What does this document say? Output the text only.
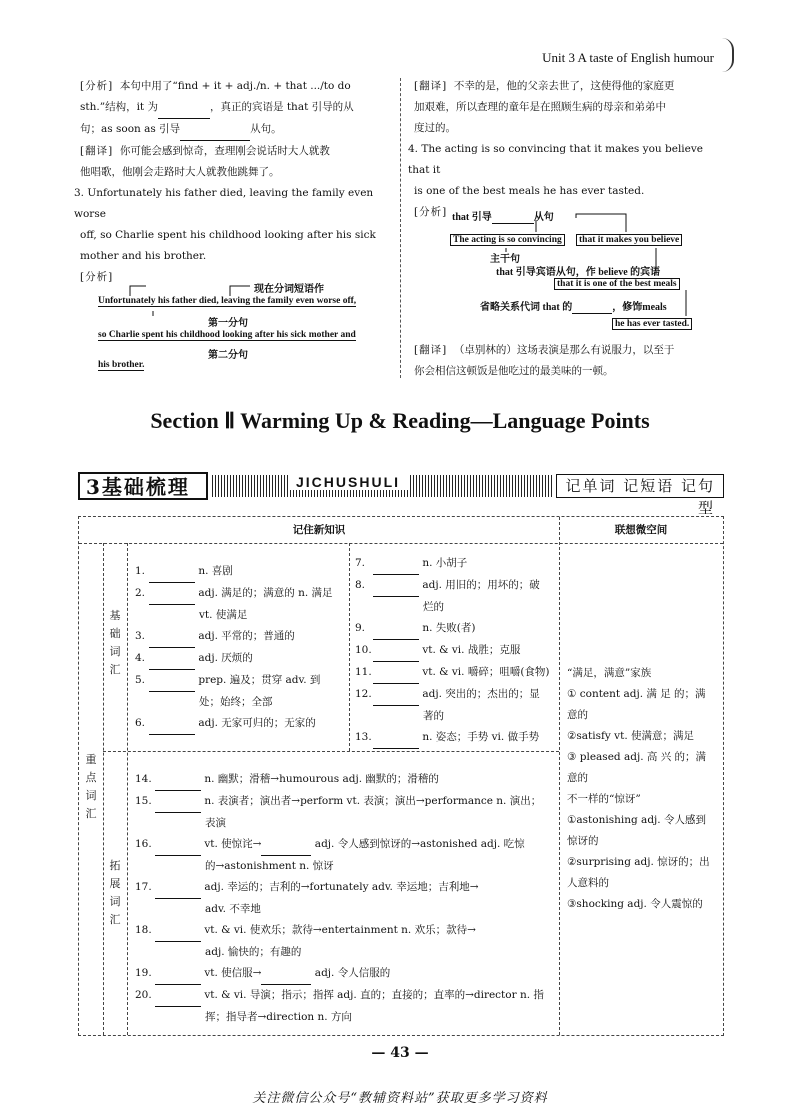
Unit 3 A taste of English humour

[分析] 本句中用了“find + it + adj./n. + that .../to do

sth.”结构，it 为	，真正的宾语是 that 引导的从

句；as soon as 引导	从句。

[翻译] 你可能会感到惊奇，查理刚会说话时大人就教

他唱歌，他刚会走路时大人就教他跳舞了。

3. Unfortunately his father died, leaving the family even worse

off, so Charlie spent his childhood looking after his sick

mother and his brother.

[分析]

现在分词短语作
Unfortunately his father died, leaving the family even worse off,
第一分句
so Charlie spent his childhood looking after his sick mother and
第二分句
his brother.

[翻译] 不幸的是，他的父亲去世了，这使得他的家庭更

加艰难，所以查理的童年是在照顾生病的母亲和弟弟中

度过的。

4. The acting is so convincing that it makes you believe that it

is one of the best meals he has ever tasted.

[分析] that 引导	从句
The acting is so convincing	that it makes you believe
主干句
that 引导宾语从句，作 believe 的宾语
that it is one of the best meals
省略关系代词 that 的	，修饰meals
he has ever tasted.

[翻译] （卓别林的）这场表演是那么有说服力，以至于

你会相信这顿饭是他吃过的最美味的一顿。

Section Ⅱ Warming Up & Reading—Language Points
3基础梳理	JICHUSHULI	记单词 记短语 记句型
记住新知识	联想微空间
重点词汇
基础词汇
拓展词汇
1.	n. 喜剧
2.	adj. 满足的；满意的 n. 满足
vt. 使满足
3.	adj. 平常的；普通的
4.	adj. 厌烦的
5.	prep. 遍及；贯穿 adv. 到
处；始终；全部
6.	adj. 无家可归的；无家的
7.	n. 小胡子
8.	adj. 用旧的；用坏的；破
烂的
9.	n. 失败(者)
10.	vt. & vi. 战胜；克服
11.	vt. & vi. 嚼碎；咀嚼(食物)
12.	adj. 突出的；杰出的；显
著的
13.	n. 姿态；手势 vi. 做手势
14.	n. 幽默；滑稽→humourous adj. 幽默的；滑稽的
15.	n. 表演者；演出者→perform vt. 表演；演出→performance n. 演出；
表演
16.	vt. 使惊诧→	adj. 令人感到惊讶的→astonished adj. 吃惊
的→astonishment n. 惊讶
17.	adj. 幸运的；吉利的→fortunately adv. 幸运地；吉利地→
adv. 不幸地
18.	vt. & vi. 使欢乐；款待→entertainment n. 欢乐；款待→
adj. 愉快的；有趣的
19.	vt. 使信服→	adj. 令人信服的
20.	vt. & vi. 导演；指示；指挥 adj. 直的；直接的；直率的→director n. 指
挥；指导者→direction n. 方向
“满足，满意”家族
① content adj. 满 足 的；满
意的
②satisfy vt. 使满意；满足
③ pleased adj. 高 兴 的；满
意的
不一样的“惊讶”
①astonishing adj. 令人感到
惊讶的
②surprising adj. 惊讶的；出
人意料的
③shocking adj. 令人震惊的
— 43 —
关注微信公众号“教辅资料站”获取更多学习资料
